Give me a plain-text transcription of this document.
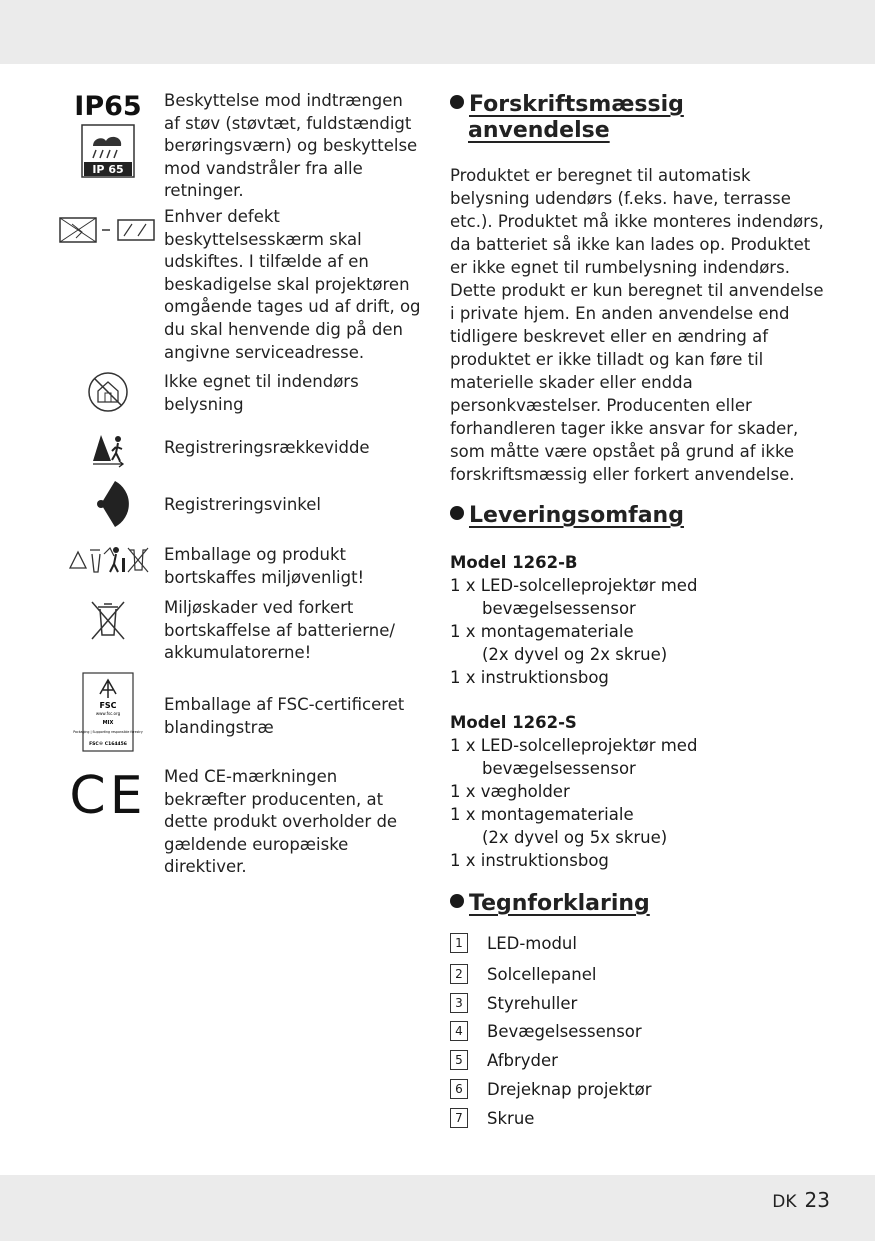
IP65
IP 65
Beskyttelse mod indtrængen af støv (støvtæt, fuldstændigt berøringsværn) og beskyttelse mod vandstråler fra alle retninger.
Enhver defekt beskyttelsesskærm skal udskiftes. I tilfælde af en beskadigelse skal projektøren omgående tages ud af drift, og du skal henvende dig på den angivne serviceadresse.
Ikke egnet til indendørs belysning
Registreringsrækkevidde
Registreringsvinkel
Emballage og produkt bortskaffes miljøvenligt!
Miljøskader ved forkert bortskaffelse af batterierne/ akkumulatorerne!
FSC
www.fsc.org
MIX
Packaging | Supporting responsible forestry
FSC® C164456
Emballage af FSC-certificeret blandingstræ
CE Med CE-mærkningen bekræfter producenten, at dette produkt overholder de gældende europæiske direktiver.
Forskriftsmæssig
anvendelse
Produktet er beregnet til automatisk belysning udendørs (f.eks. have, terrasse etc.). Produktet må ikke monteres indendørs, da batteriet så ikke kan lades op. Produktet er ikke egnet til rumbelysning indendørs. Dette produkt er kun beregnet til anvendelse i private hjem. En anden anvendelse end tidligere beskrevet eller en ændring af produktet er ikke tilladt og kan føre til materielle skader eller endda personkvæstelser. Producenten eller forhandleren tager ikke ansvar for skader, som måtte være opstået på grund af ikke forskriftsmæssig eller forkert anvendelse.
Leveringsomfang
Model 1262-B
1 x LED-solcelleprojektør med
bevægelsessensor
1 x montagemateriale
(2x dyvel og 2x skrue)
1 x instruktionsbog
Model 1262-S
1 x LED-solcelleprojektør med
bevægelsessensor
1 x vægholder
1 x montagemateriale
(2x dyvel og 5x skrue)
1 x instruktionsbog
Tegnforklaring
1	LED-modul
2	Solcellepanel
3	Styrehuller
4	Bevægelsessensor
5	Afbryder
6	Drejeknap projektør
7	Skrue
DK 23
